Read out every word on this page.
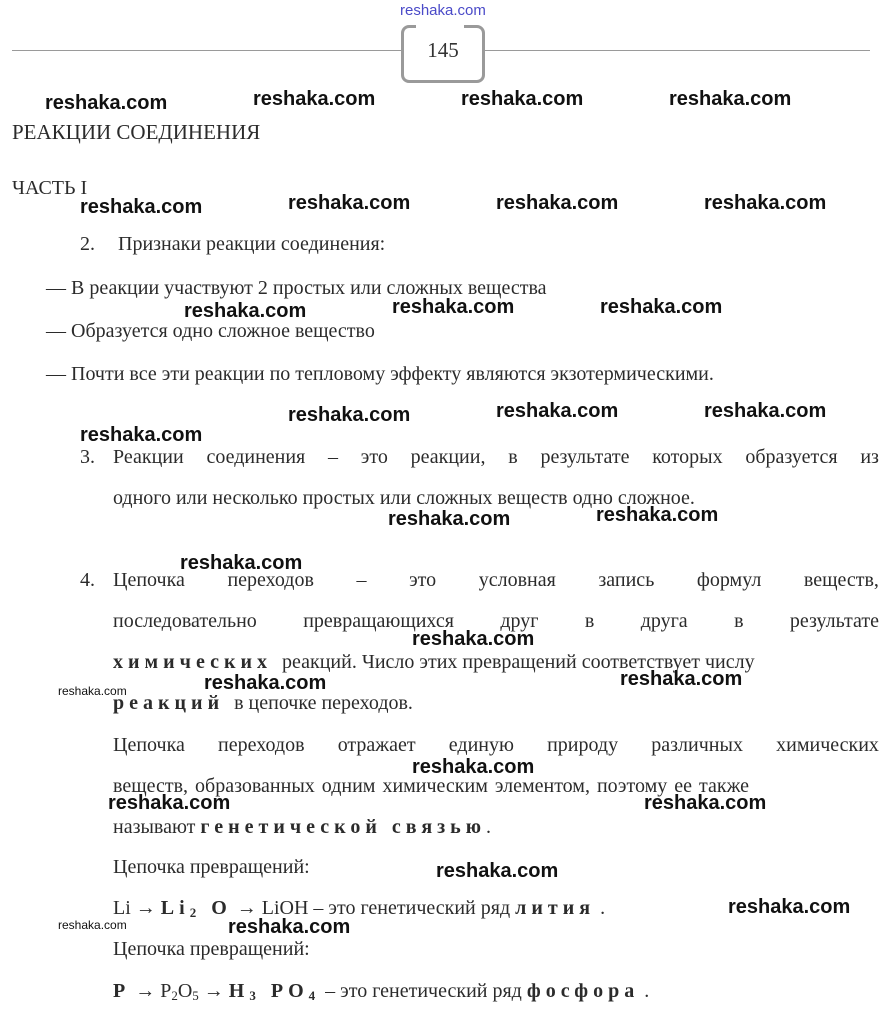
reshaka.com
145
reshaka.com	reshaka.com	reshaka.com	reshaka.com
РЕАКЦИИ СОЕДИНЕНИЯ
ЧАСТЬ I
reshaka.com	reshaka.com	reshaka.com	reshaka.com
2. Признаки реакции соединения:
— В реакции участвуют 2 простых или сложных вещества
reshaka.com	reshaka.com	reshaka.com
— Образуется одно сложное вещество
— Почти все эти реакции по тепловому эффекту являются экзотермическими.
reshaka.com	reshaka.com	reshaka.com
reshaka.com
3. Реакции соединения – это реакции, в результате которых образуется из
одного или несколько простых или сложных веществ одно сложное.
reshaka.com	reshaka.com
reshaka.com
4. Цепочка переходов – это условная запись формул веществ,
последовательно превращающихся друг в друга в результате
reshaka.com
химических реакций. Число этих превращений соответствует числу
reshaka.com	reshaka.com	reshaka.com
реакций в цепочке переходов.
Цепочка переходов отражает единую природу различных химических
reshaka.com
веществ, образованных одним химическим элементом, поэтому ее также
reshaka.com	reshaka.com
называют генетической связью.
Цепочка превращений:	reshaka.com
$Li \to Li_2$ O → LiOH – это генетический ряд лития .	reshaka.com
reshaka.com	reshaka.com
Цепочка превращений:
$P \to P_2O_5 \to H_3$ $PO_4$ – это генетический ряд фосфора .
